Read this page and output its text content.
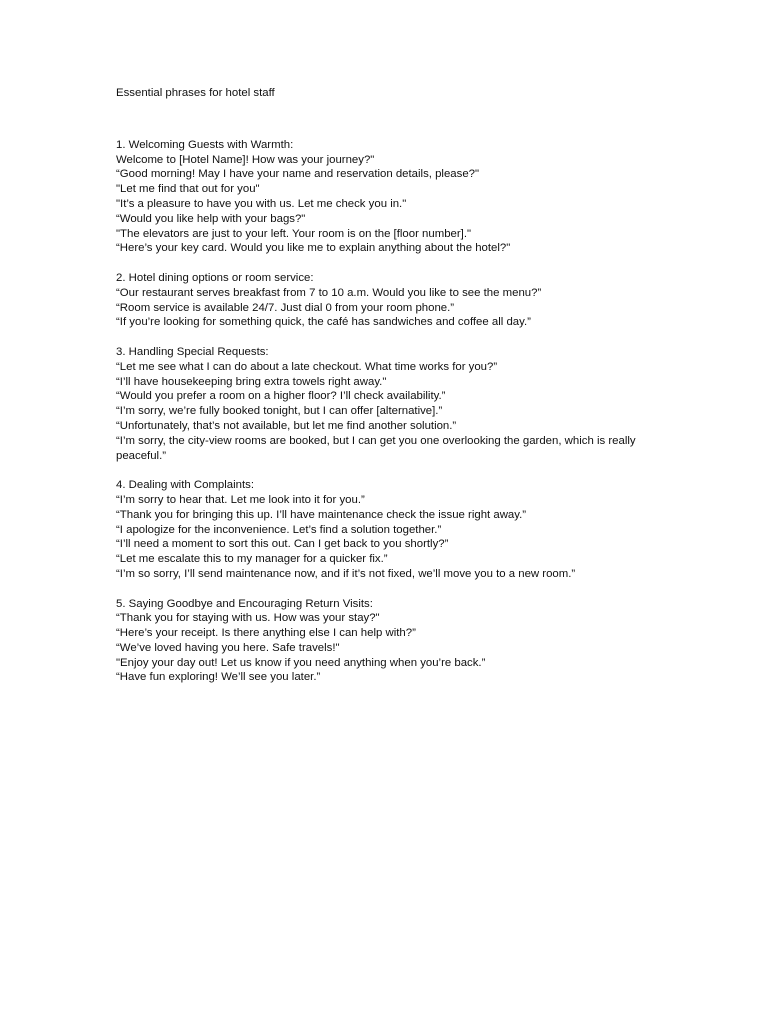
Essential phrases for hotel staff
1. Welcoming Guests with Warmth:
Welcome to [Hotel Name]! How was your journey?"
“Good morning! May I have your name and reservation details, please?"
"Let me find that out for you"
"It’s a pleasure to have you with us. Let me check you in."
“Would you like help with your bags?"
"The elevators are just to your left. Your room is on the [floor number]."
“Here’s your key card. Would you like me to explain anything about the hotel?"
2. Hotel dining options or room service:
“Our restaurant serves breakfast from 7 to 10 a.m. Would you like to see the menu?”
“Room service is available 24/7. Just dial 0 from your room phone.”
“If you’re looking for something quick, the café has sandwiches and coffee all day.”
3. Handling Special Requests:
“Let me see what I can do about a late checkout. What time works for you?”
“I’ll have housekeeping bring extra towels right away."
“Would you prefer a room on a higher floor? I’ll check availability.”
“I’m sorry, we’re fully booked tonight, but I can offer [alternative].”
“Unfortunately, that’s not available, but let me find another solution.”
“I’m sorry, the city-view rooms are booked, but I can get you one overlooking the garden, which is really peaceful.”
4. Dealing with Complaints:
“I’m sorry to hear that. Let me look into it for you.”
“Thank you for bringing this up. I’ll have maintenance check the issue right away.”
“I apologize for the inconvenience. Let’s find a solution together.”
“I’ll need a moment to sort this out. Can I get back to you shortly?”
“Let me escalate this to my manager for a quicker fix.”
“I’m so sorry, I’ll send maintenance now, and if it’s not fixed, we’ll move you to a new room.”
5. Saying Goodbye and Encouraging Return Visits:
“Thank you for staying with us. How was your stay?"
“Here’s your receipt. Is there anything else I can help with?”
“We’ve loved having you here. Safe travels!"
"Enjoy your day out! Let us know if you need anything when you’re back.”
“Have fun exploring! We’ll see you later.”
